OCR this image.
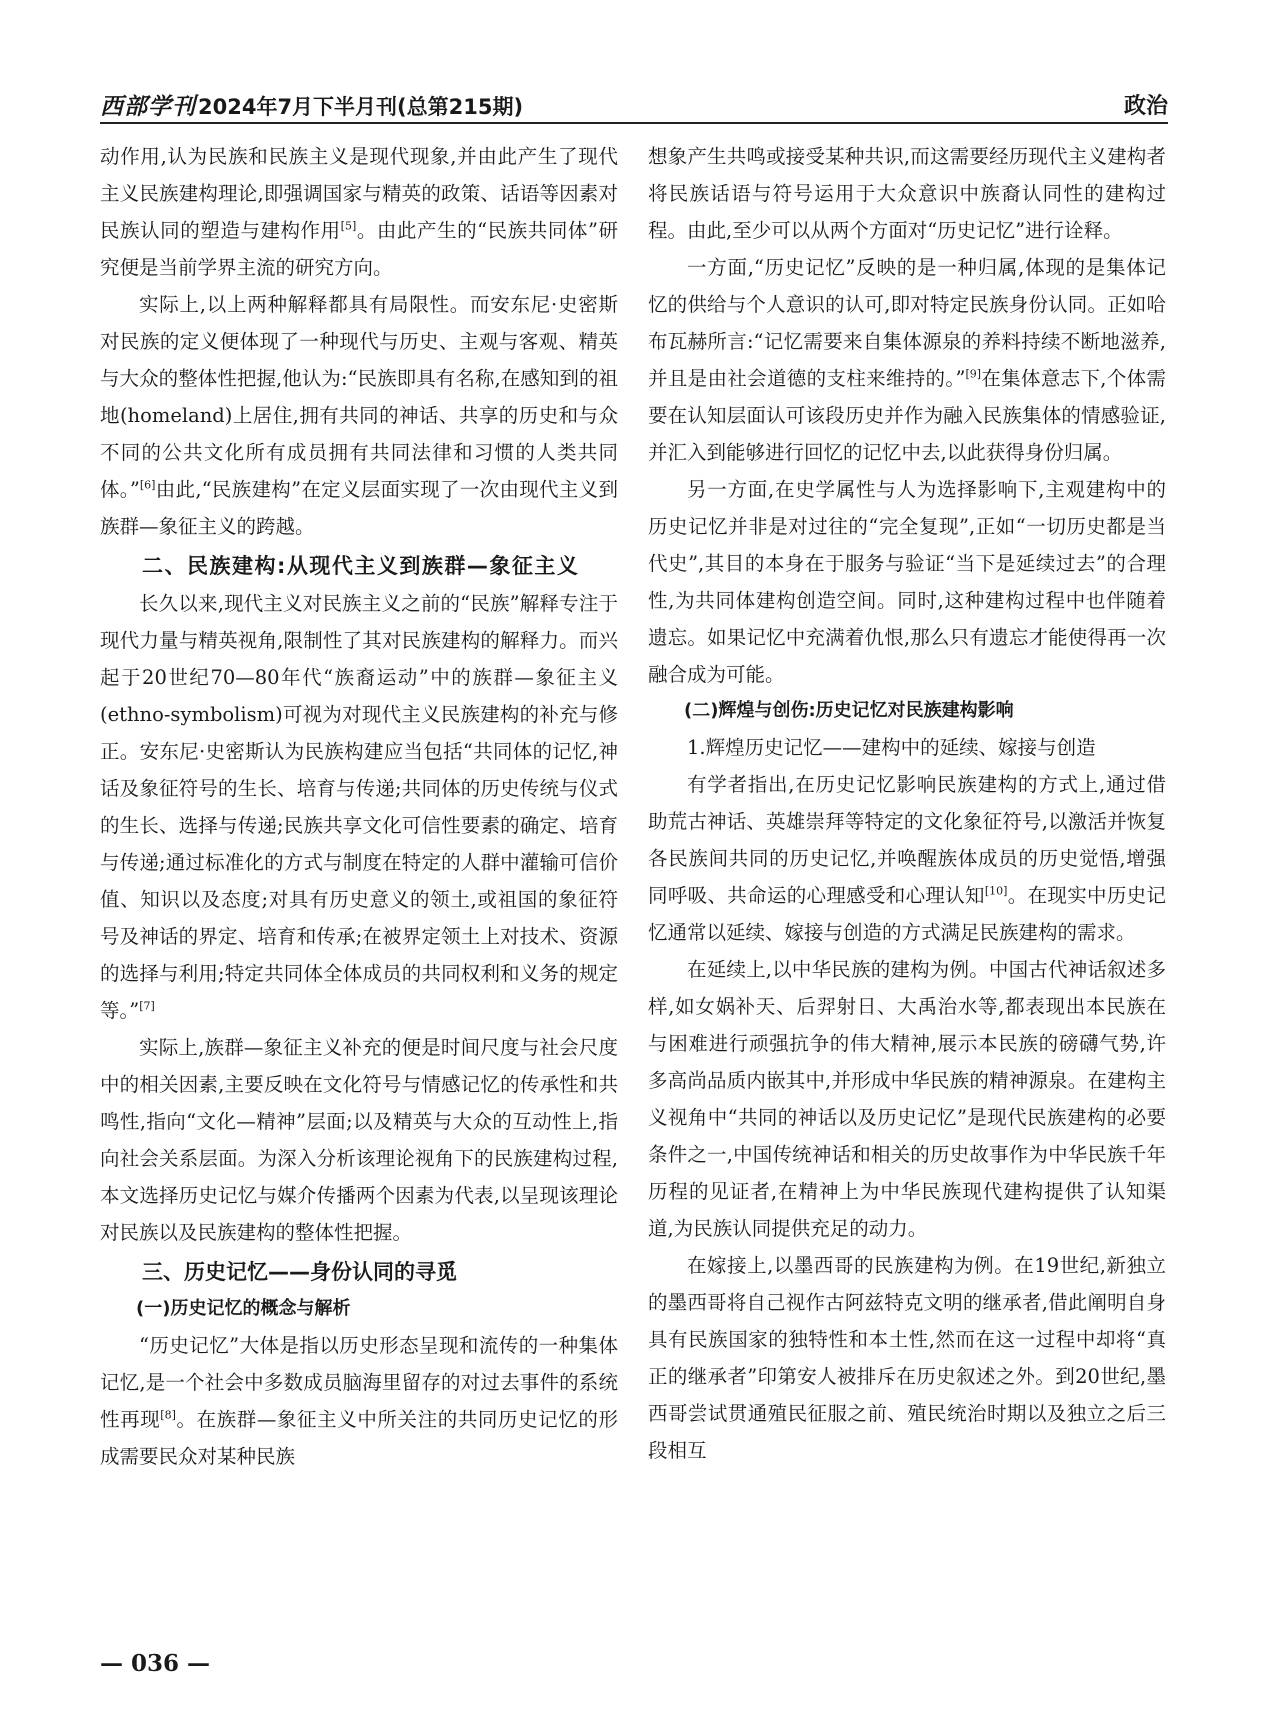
西部学刊 2024年7月下半月刊(总第215期)	政治

动作用,认为民族和民族主义是现代现象,并由此产生了现代主义民族建构理论,即强调国家与精英的政策、话语等因素对民族认同的塑造与建构作用[5]。由此产生的“民族共同体”研究便是当前学界主流的研究方向。

实际上,以上两种解释都具有局限性。而安东尼·史密斯对民族的定义便体现了一种现代与历史、主观与客观、精英与大众的整体性把握,他认为:“民族即具有名称,在感知到的祖地(homeland)上居住,拥有共同的神话、共享的历史和与众不同的公共文化所有成员拥有共同法律和习惯的人类共同体。”[6]由此,“民族建构”在定义层面实现了一次由现代主义到族群—象征主义的跨越。

二、民族建构:从现代主义到族群—象征主义

长久以来,现代主义对民族主义之前的“民族”解释专注于现代力量与精英视角,限制性了其对民族建构的解释力。而兴起于20世纪70—80年代“族裔运动”中的族群—象征主义(ethno-symbolism)可视为对现代主义民族建构的补充与修正。安东尼·史密斯认为民族构建应当包括“共同体的记忆,神话及象征符号的生长、培育与传递;共同体的历史传统与仪式的生长、选择与传递;民族共享文化可信性要素的确定、培育与传递;通过标准化的方式与制度在特定的人群中灌输可信价值、知识以及态度;对具有历史意义的领土,或祖国的象征符号及神话的界定、培育和传承;在被界定领土上对技术、资源的选择与利用;特定共同体全体成员的共同权利和义务的规定等。”[7]

实际上,族群—象征主义补充的便是时间尺度与社会尺度中的相关因素,主要反映在文化符号与情感记忆的传承性和共鸣性,指向“文化—精神”层面;以及精英与大众的互动性上,指向社会关系层面。为深入分析该理论视角下的民族建构过程,本文选择历史记忆与媒介传播两个因素为代表,以呈现该理论对民族以及民族建构的整体性把握。

三、历史记忆——身份认同的寻觅
(一)历史记忆的概念与解析

“历史记忆”大体是指以历史形态呈现和流传的一种集体记忆,是一个社会中多数成员脑海里留存的对过去事件的系统性再现[8]。在族群—象征主义中所关注的共同历史记忆的形成需要民众对某种民族

想象产生共鸣或接受某种共识,而这需要经历现代主义建构者将民族话语与符号运用于大众意识中族裔认同性的建构过程。由此,至少可以从两个方面对“历史记忆”进行诠释。

一方面,“历史记忆”反映的是一种归属,体现的是集体记忆的供给与个人意识的认可,即对特定民族身份认同。正如哈布瓦赫所言:“记忆需要来自集体源泉的养料持续不断地滋养,并且是由社会道德的支柱来维持的。”[9]在集体意志下,个体需要在认知层面认可该段历史并作为融入民族集体的情感验证,并汇入到能够进行回忆的记忆中去,以此获得身份归属。

另一方面,在史学属性与人为选择影响下,主观建构中的历史记忆并非是对过往的“完全复现”,正如“一切历史都是当代史”,其目的本身在于服务与验证“当下是延续过去”的合理性,为共同体建构创造空间。同时,这种建构过程中也伴随着遗忘。如果记忆中充满着仇恨,那么只有遗忘才能使得再一次融合成为可能。

(二)辉煌与创伤:历史记忆对民族建构影响

1.辉煌历史记忆——建构中的延续、嫁接与创造

有学者指出,在历史记忆影响民族建构的方式上,通过借助荒古神话、英雄崇拜等特定的文化象征符号,以激活并恢复各民族间共同的历史记忆,并唤醒族体成员的历史觉悟,增强同呼吸、共命运的心理感受和心理认知[10]。在现实中历史记忆通常以延续、嫁接与创造的方式满足民族建构的需求。

在延续上,以中华民族的建构为例。中国古代神话叙述多样,如女娲补天、后羿射日、大禹治水等,都表现出本民族在与困难进行顽强抗争的伟大精神,展示本民族的磅礴气势,许多高尚品质内嵌其中,并形成中华民族的精神源泉。在建构主义视角中“共同的神话以及历史记忆”是现代民族建构的必要条件之一,中国传统神话和相关的历史故事作为中华民族千年历程的见证者,在精神上为中华民族现代建构提供了认知渠道,为民族认同提供充足的动力。

在嫁接上,以墨西哥的民族建构为例。在19世纪,新独立的墨西哥将自己视作古阿兹特克文明的继承者,借此阐明自身具有民族国家的独特性和本土性,然而在这一过程中却将“真正的继承者”印第安人被排斥在历史叙述之外。到20世纪,墨西哥尝试贯通殖民征服之前、殖民统治时期以及独立之后三段相互

— 036 —
